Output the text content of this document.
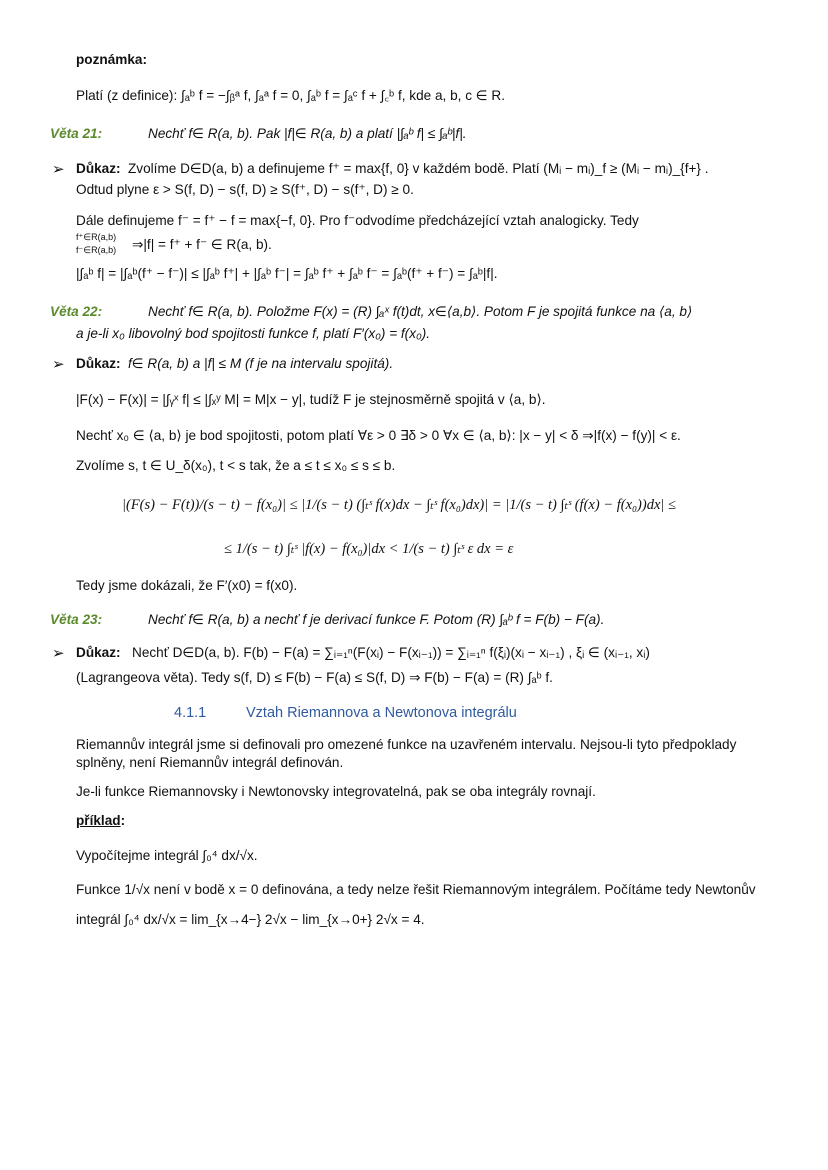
poznámka:
Platí (z definice): ∫ₐᵇ f = −∫ᵦᵃ f, ∫ₐᵃ f = 0, ∫ₐᵇ f = ∫ₐᶜ f + ∫꜀ᵇ f, kde a, b, c ∈ R.
Věta 21:	Nechť f∈ R(a, b). Pak |f|∈ R(a, b) a platí |∫ₐᵇ f| ≤ ∫ₐᵇ|f|.
➢ Důkaz: Zvolíme D∈D(a, b) a definujeme f⁺ = max{f, 0} v každém bodě. Platí (Mᵢ − mᵢ)_f ≥ (Mᵢ − mᵢ)_{f+} .
Odtud plyne ε > S(f, D) − s(f, D) ≥ S(f⁺, D) − s(f⁺, D) ≥ 0.
Dále definujeme f⁻ = f⁺ − f = max{−f, 0}. Pro f⁻odvodíme předcházející vztah analogicky. Tedy
f⁺∈R(a,b)
f⁻∈R(a,b) ⇒|f| = f⁺ + f⁻ ∈ R(a, b).
|∫ₐᵇ f| = |∫ₐᵇ(f⁺ − f⁻)| ≤ |∫ₐᵇ f⁺| + |∫ₐᵇ f⁻| = ∫ₐᵇ f⁺ + ∫ₐᵇ f⁻ = ∫ₐᵇ(f⁺ + f⁻) = ∫ₐᵇ|f|.
Věta 22:	Nechť f∈ R(a, b). Položme F(x) = (R) ∫ₐˣ f(t)dt, x∈⟨a,b⟩. Potom F je spojitá funkce na ⟨a, b⟩
a je-li x₀ libovolný bod spojitosti funkce f, platí F′(x₀) = f(x₀).
➢ Důkaz: f∈ R(a, b) a |f| ≤ M (f je na intervalu spojitá).
|F(x) − F(x)| = |∫ᵧˣ f| ≤ |∫ₓʸ M| = M|x − y|, tudíž F je stejnosměrně spojitá v ⟨a, b⟩.
Nechť x₀ ∈ ⟨a, b⟩ je bod spojitosti, potom platí ∀ε > 0 ∃δ > 0 ∀x ∈ ⟨a, b⟩: |x − y| < δ ⇒|f(x) − f(y)| < ε.
Zvolíme s, t ∈ U_δ(x₀), t < s tak, že a ≤ t ≤ x₀ ≤ s ≤ b.
|(F(s) − F(t))/(s − t) − f(x₀)| ≤ |1/(s − t) (∫ₜˢ f(x)dx − ∫ₜˢ f(x₀)dx)| = |1/(s − t) ∫ₜˢ (f(x) − f(x₀))dx| ≤
≤ 1/(s − t) ∫ₜˢ |f(x) − f(x₀)|dx < 1/(s − t) ∫ₜˢ ε dx = ε
Tedy jsme dokázali, že F′(x0) = f(x0).
Věta 23:	Nechť f∈ R(a, b) a nechť f je derivací funkce F. Potom (R) ∫ₐᵇ f = F(b) − F(a).
➢ Důkaz: Nechť D∈D(a, b). F(b) − F(a) = ∑ᵢ₌₁ⁿ(F(xᵢ) − F(xᵢ₋₁)) = ∑ᵢ₌₁ⁿ f(ξᵢ)(xᵢ − xᵢ₋₁) , ξᵢ ∈ (xᵢ₋₁, xᵢ)
(Lagrangeova věta). Tedy s(f, D) ≤ F(b) − F(a) ≤ S(f, D) ⇒ F(b) − F(a) = (R) ∫ₐᵇ f.
4.1.1	Vztah Riemannova a Newtonova integrálu
Riemannův integrál jsme si definovali pro omezené funkce na uzavřeném intervalu. Nejsou-li tyto předpoklady
splněny, není Riemannův integrál definován.
Je-li funkce Riemannovsky i Newtonovsky integrovatelná, pak se oba integrály rovnají.
příklad:
Vypočítejme integrál ∫₀⁴ dx/√x.
Funkce 1/√x není v bodě x = 0 definována, a tedy nelze řešit Riemannovým integrálem. Počítáme tedy Newtonův
integrál ∫₀⁴ dx/√x = lim_{x→4−} 2√x − lim_{x→0+} 2√x = 4.
